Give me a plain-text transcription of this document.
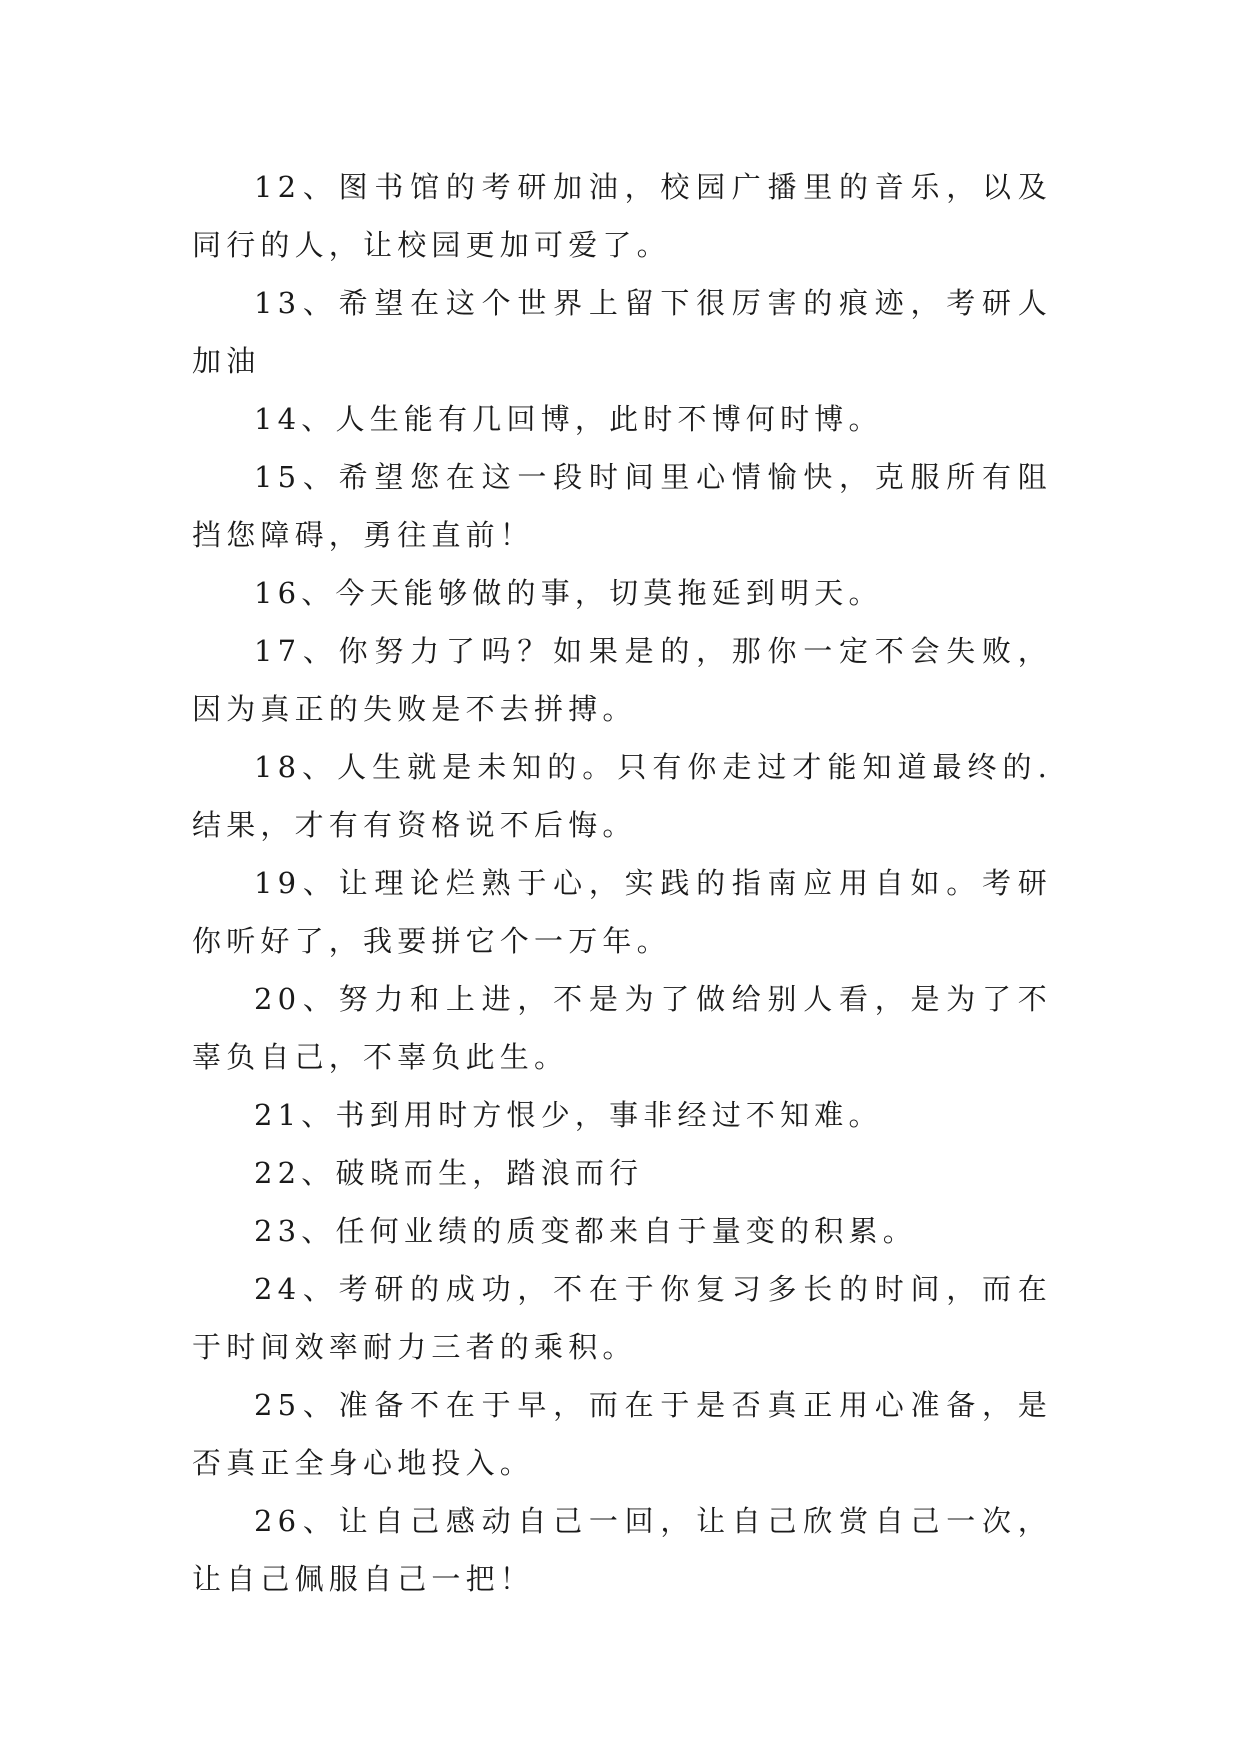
12、图书馆的考研加油，校园广播里的音乐，以及同行的人，让校园更加可爱了。

13、希望在这个世界上留下很厉害的痕迹，考研人加油

14、人生能有几回博，此时不博何时博。

15、希望您在这一段时间里心情愉快，克服所有阻挡您障碍，勇往直前！

16、今天能够做的事，切莫拖延到明天。

17、你努力了吗？如果是的，那你一定不会失败，因为真正的失败是不去拼搏。

18、人生就是未知的。只有你走过才能知道最终的.结果，才有有资格说不后悔。

19、让理论烂熟于心，实践的指南应用自如。考研你听好了，我要拼它个一万年。

20、努力和上进，不是为了做给别人看，是为了不辜负自己，不辜负此生。

21、书到用时方恨少，事非经过不知难。

22、破晓而生，踏浪而行

23、任何业绩的质变都来自于量变的积累。

24、考研的成功，不在于你复习多长的时间，而在于时间效率耐力三者的乘积。

25、准备不在于早，而在于是否真正用心准备，是否真正全身心地投入。

26、让自己感动自己一回，让自己欣赏自己一次，让自己佩服自己一把！
